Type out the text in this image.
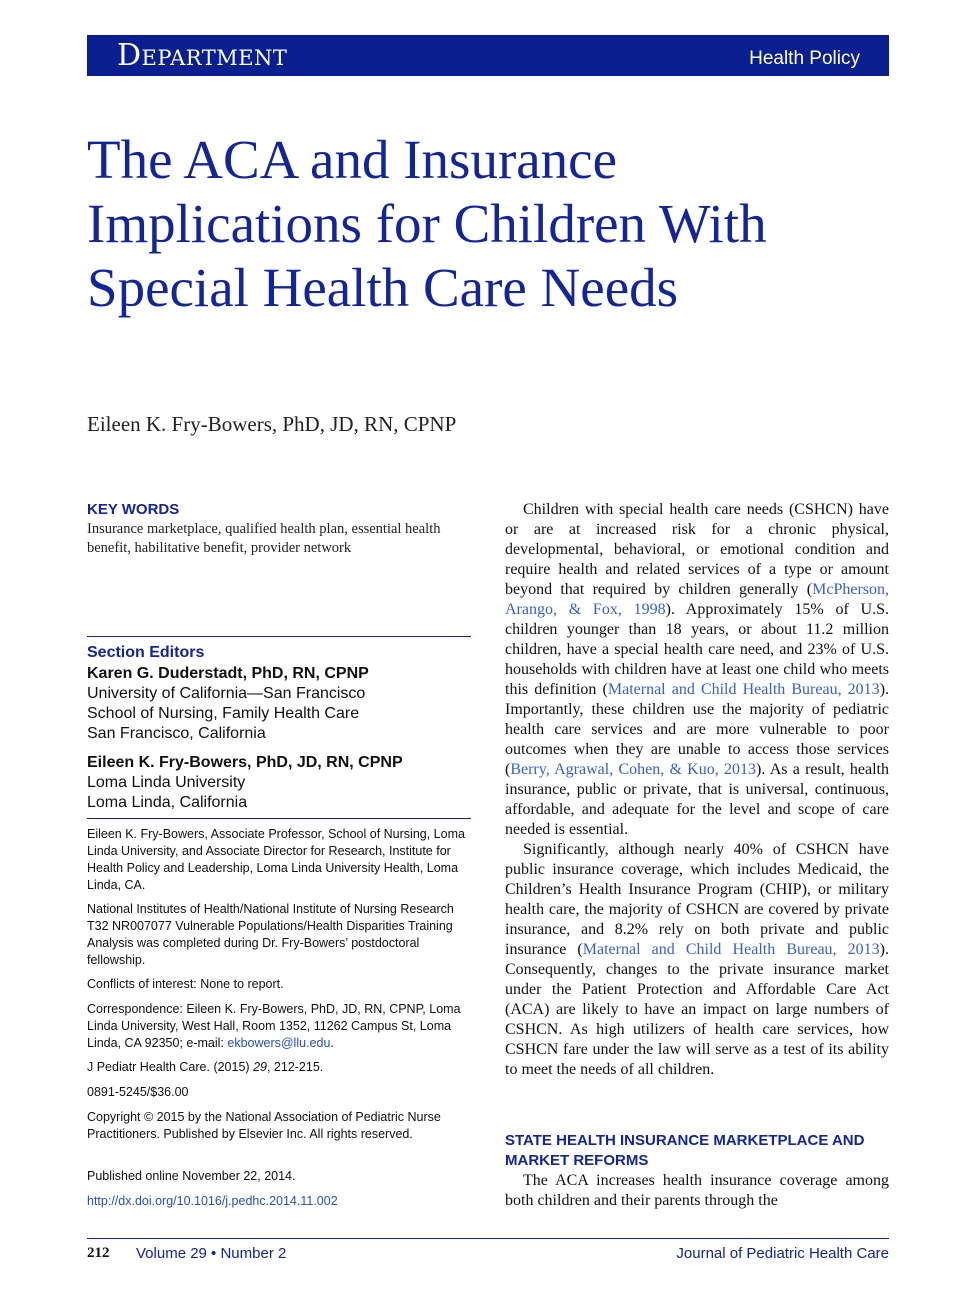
Department	Health Policy
The ACA and Insurance Implications for Children With Special Health Care Needs
Eileen K. Fry-Bowers, PhD, JD, RN, CPNP
KEY WORDS
Insurance marketplace, qualified health plan, essential health benefit, habilitative benefit, provider network
Section Editors
Karen G. Duderstadt, PhD, RN, CPNP
University of California—San Francisco
School of Nursing, Family Health Care
San Francisco, California
Eileen K. Fry-Bowers, PhD, JD, RN, CPNP
Loma Linda University
Loma Linda, California
Eileen K. Fry-Bowers, Associate Professor, School of Nursing, Loma Linda University, and Associate Director for Research, Institute for Health Policy and Leadership, Loma Linda University Health, Loma Linda, CA.
National Institutes of Health/National Institute of Nursing Research T32 NR007077 Vulnerable Populations/Health Disparities Training Analysis was completed during Dr. Fry-Bowers’ postdoctoral fellowship.
Conflicts of interest: None to report.
Correspondence: Eileen K. Fry-Bowers, PhD, JD, RN, CPNP, Loma Linda University, West Hall, Room 1352, 11262 Campus St, Loma Linda, CA 92350; e-mail: ekbowers@llu.edu.
J Pediatr Health Care. (2015) 29, 212-215.
0891-5245/$36.00
Copyright © 2015 by the National Association of Pediatric Nurse Practitioners. Published by Elsevier Inc. All rights reserved.
Published online November 22, 2014.
http://dx.doi.org/10.1016/j.pedhc.2014.11.002

Children with special health care needs (CSHCN) have or are at increased risk for a chronic physical, developmental, behavioral, or emotional condition and require health and related services of a type or amount beyond that required by children generally (McPherson, Arango, & Fox, 1998). Approximately 15% of U.S. children younger than 18 years, or about 11.2 million children, have a special health care need, and 23% of U.S. households with children have at least one child who meets this definition (Maternal and Child Health Bureau, 2013). Importantly, these children use the majority of pediatric health care services and are more vulnerable to poor outcomes when they are unable to access those services (Berry, Agrawal, Cohen, & Kuo, 2013). As a result, health insurance, public or private, that is universal, continuous, affordable, and adequate for the level and scope of care needed is essential.

Significantly, although nearly 40% of CSHCN have public insurance coverage, which includes Medicaid, the Children’s Health Insurance Program (CHIP), or military health care, the majority of CSHCN are covered by private insurance, and 8.2% rely on both private and public insurance (Maternal and Child Health Bureau, 2013). Consequently, changes to the private insurance market under the Patient Protection and Affordable Care Act (ACA) are likely to have an impact on large numbers of CSHCN. As high utilizers of health care services, how CSHCN fare under the law will serve as a test of its ability to meet the needs of all children.

STATE HEALTH INSURANCE MARKETPLACE AND MARKET REFORMS

The ACA increases health insurance coverage among both children and their parents through the

212 Volume 29 • Number 2	Journal of Pediatric Health Care
